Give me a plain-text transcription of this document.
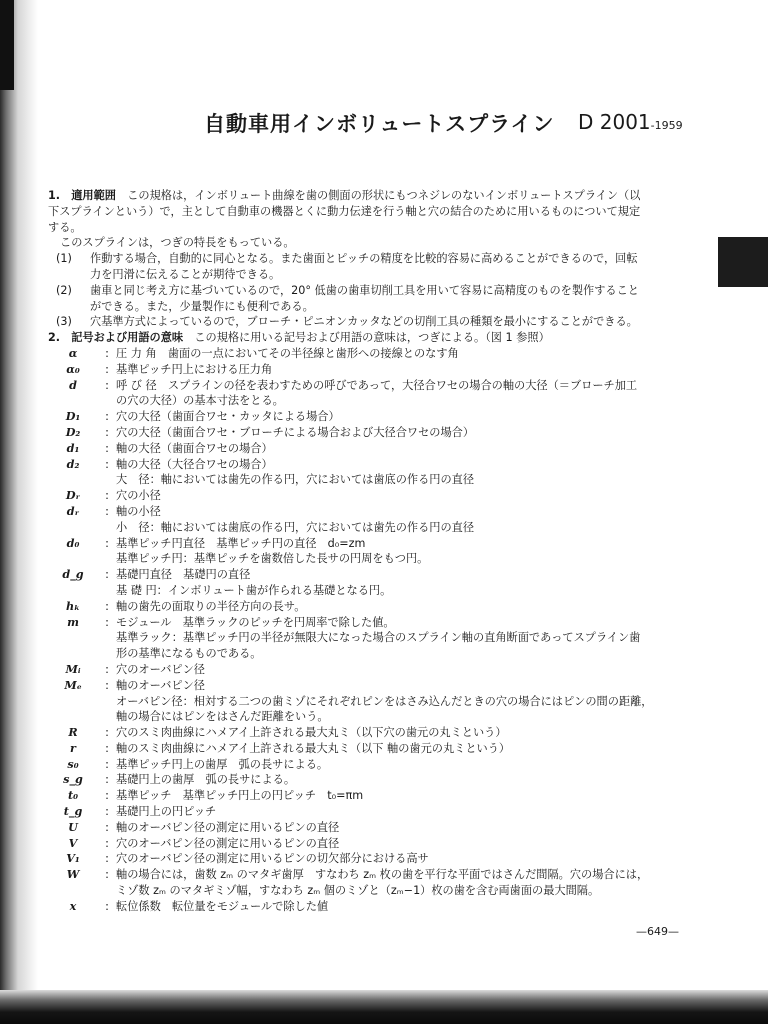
自動車用インボリュートスプライン D 2001-1959

1.　適用範囲　 この規格は，インボリュート曲線を歯の側面の形状にもつネジレのないインボリュートスプライン（以

下スプラインという）で，主として自動車の機器とくに動力伝達を行う軸と穴の結合のために用いるものについて規定

する。

このスプラインは，つぎの特長をもっている。

(1)	作動する場合，自動的に同心となる。また歯面とピッチの精度を比較的容易に高めることができるので，回転

力を円滑に伝えることが期待できる。

(2)	歯車と同じ考え方に基づいているので，20° 低歯の歯車切削工具を用いて容易に高精度のものを製作すること

ができる。また，少量製作にも便利である。

(3)	穴基準方式によっているので，ブローチ・ピニオンカッタなどの切削工具の種類を最小にすることができる。

2.　記号および用語の意味　 この規格に用いる記号および用語の意味は，つぎによる。（図 1 参照）

α	: 圧 力 角　歯面の一点においてその半径線と歯形への接線とのなす角

α₀	: 基準ピッチ円上における圧力角

d	: 呼 び 径　スプラインの径を表わすための呼びであって，大径合ワセの場合の軸の大径（＝ブローチ加工

の穴の大径）の基本寸法をとる。

D₁	: 穴の大径（歯面合ワセ・カッタによる場合）

D₂	: 穴の大径（歯面合ワセ・ブローチによる場合および大径合ワセの場合）

d₁	: 軸の大径（歯面合ワセの場合）

d₂	: 軸の大径（大径合ワセの場合）

大　径：軸においては歯先の作る円，穴においては歯底の作る円の直径

Dᵣ	: 穴の小径

dᵣ	: 軸の小径

小　径：軸においては歯底の作る円，穴においては歯先の作る円の直径

d₀	: 基準ピッチ円直径　基準ピッチ円の直径　d₀=zm

基準ピッチ円：基準ピッチを歯数倍した長サの円周をもつ円。

d_g	: 基礎円直径　基礎円の直径

基 礎 円：インボリュート歯が作られる基礎となる円。

hₖ	: 軸の歯先の面取りの半径方向の長サ。

m	: モジュール　基準ラックのピッチを円周率で除した値。

基準ラック：基準ピッチ円の半径が無限大になった場合のスプライン軸の直角断面であってスプライン歯

形の基準になるものである。

Mᵢ	: 穴のオーバピン径

Mₑ	: 軸のオーバピン径

オーバピン径：相対する二つの歯ミゾにそれぞれピンをはさみ込んだときの穴の場合にはピンの間の距離，

軸の場合にはピンをはさんだ距離をいう。

R	: 穴のスミ肉曲線にハメアイ上許される最大丸ミ（以下穴の歯元の丸ミという）

r	: 軸のスミ肉曲線にハメアイ上許される最大丸ミ（以下 軸の歯元の丸ミという）

s₀	: 基準ピッチ円上の歯厚　弧の長サによる。

s_g	: 基礎円上の歯厚　弧の長サによる。

t₀	: 基準ピッチ　基準ピッチ円上の円ピッチ　t₀=πm

t_g	: 基礎円上の円ピッチ

U	: 軸のオーバピン径の測定に用いるピンの直径

V	: 穴のオーバピン径の測定に用いるピンの直径

V₁	: 穴のオーバピン径の測定に用いるピンの切欠部分における高サ

W	: 軸の場合には，歯数 zₘ のマタギ歯厚　すなわち zₘ 枚の歯を平行な平面ではさんだ間隔。穴の場合には，

ミゾ数 zₘ のマタギミゾ幅，すなわち zₘ 個のミゾと（zₘ−1）枚の歯を含む両歯面の最大間隔。

x	: 転位係数　転位量をモジュールで除した値

—649—
